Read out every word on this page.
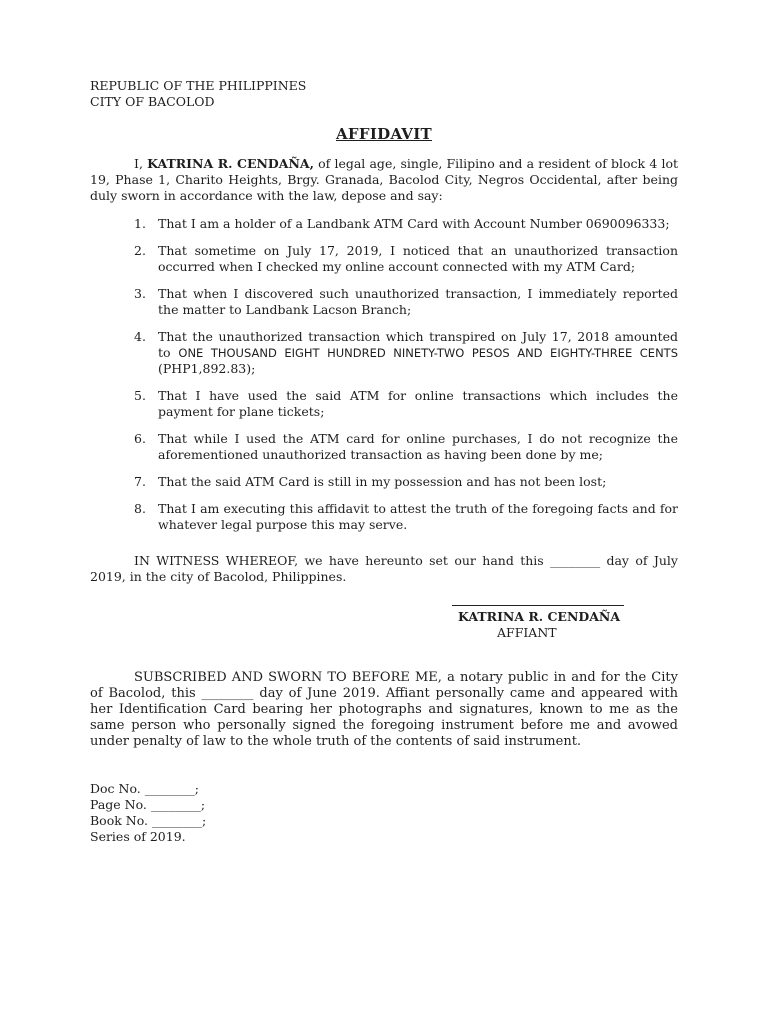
REPUBLIC OF THE PHILIPPINES
CITY OF BACOLOD
AFFIDAVIT
I, KATRINA R. CENDAÑA, of legal age, single, Filipino and a resident of block 4 lot 19, Phase 1, Charito Heights, Brgy. Granada, Bacolod City, Negros Occidental, after being duly sworn in accordance with the law, depose and say:
1. That I am a holder of a Landbank ATM Card with Account Number 0690096333;
2. That sometime on July 17, 2019, I noticed that an unauthorized transaction occurred when I checked my online account connected with my ATM Card;
3. That when I discovered such unauthorized transaction, I immediately reported the matter to Landbank Lacson Branch;
4. That the unauthorized transaction which transpired on July 17, 2018 amounted to ONE THOUSAND EIGHT HUNDRED NINETY-TWO PESOS AND EIGHTY-THREE CENTS (PHP1,892.83);
5. That I have used the said ATM for online transactions which includes the payment for plane tickets;
6. That while I used the ATM card for online purchases, I do not recognize the aforementioned unauthorized transaction as having been done by me;
7. That the said ATM Card is still in my possession and has not been lost;
8. That I am executing this affidavit to attest the truth of the foregoing facts and for whatever legal purpose this may serve.
IN WITNESS WHEREOF, we have hereunto set our hand this ________ day of July 2019, in the city of Bacolod, Philippines.
KATRINA R. CENDAÑA
AFFIANT
SUBSCRIBED AND SWORN TO BEFORE ME, a notary public in and for the City of Bacolod, this ________ day of June 2019. Affiant personally came and appeared with her Identification Card bearing her photographs and signatures, known to me as the same person who personally signed the foregoing instrument before me and avowed under penalty of law to the whole truth of the contents of said instrument.
Doc No. ________;
Page No. ________;
Book No. ________;
Series of 2019.
